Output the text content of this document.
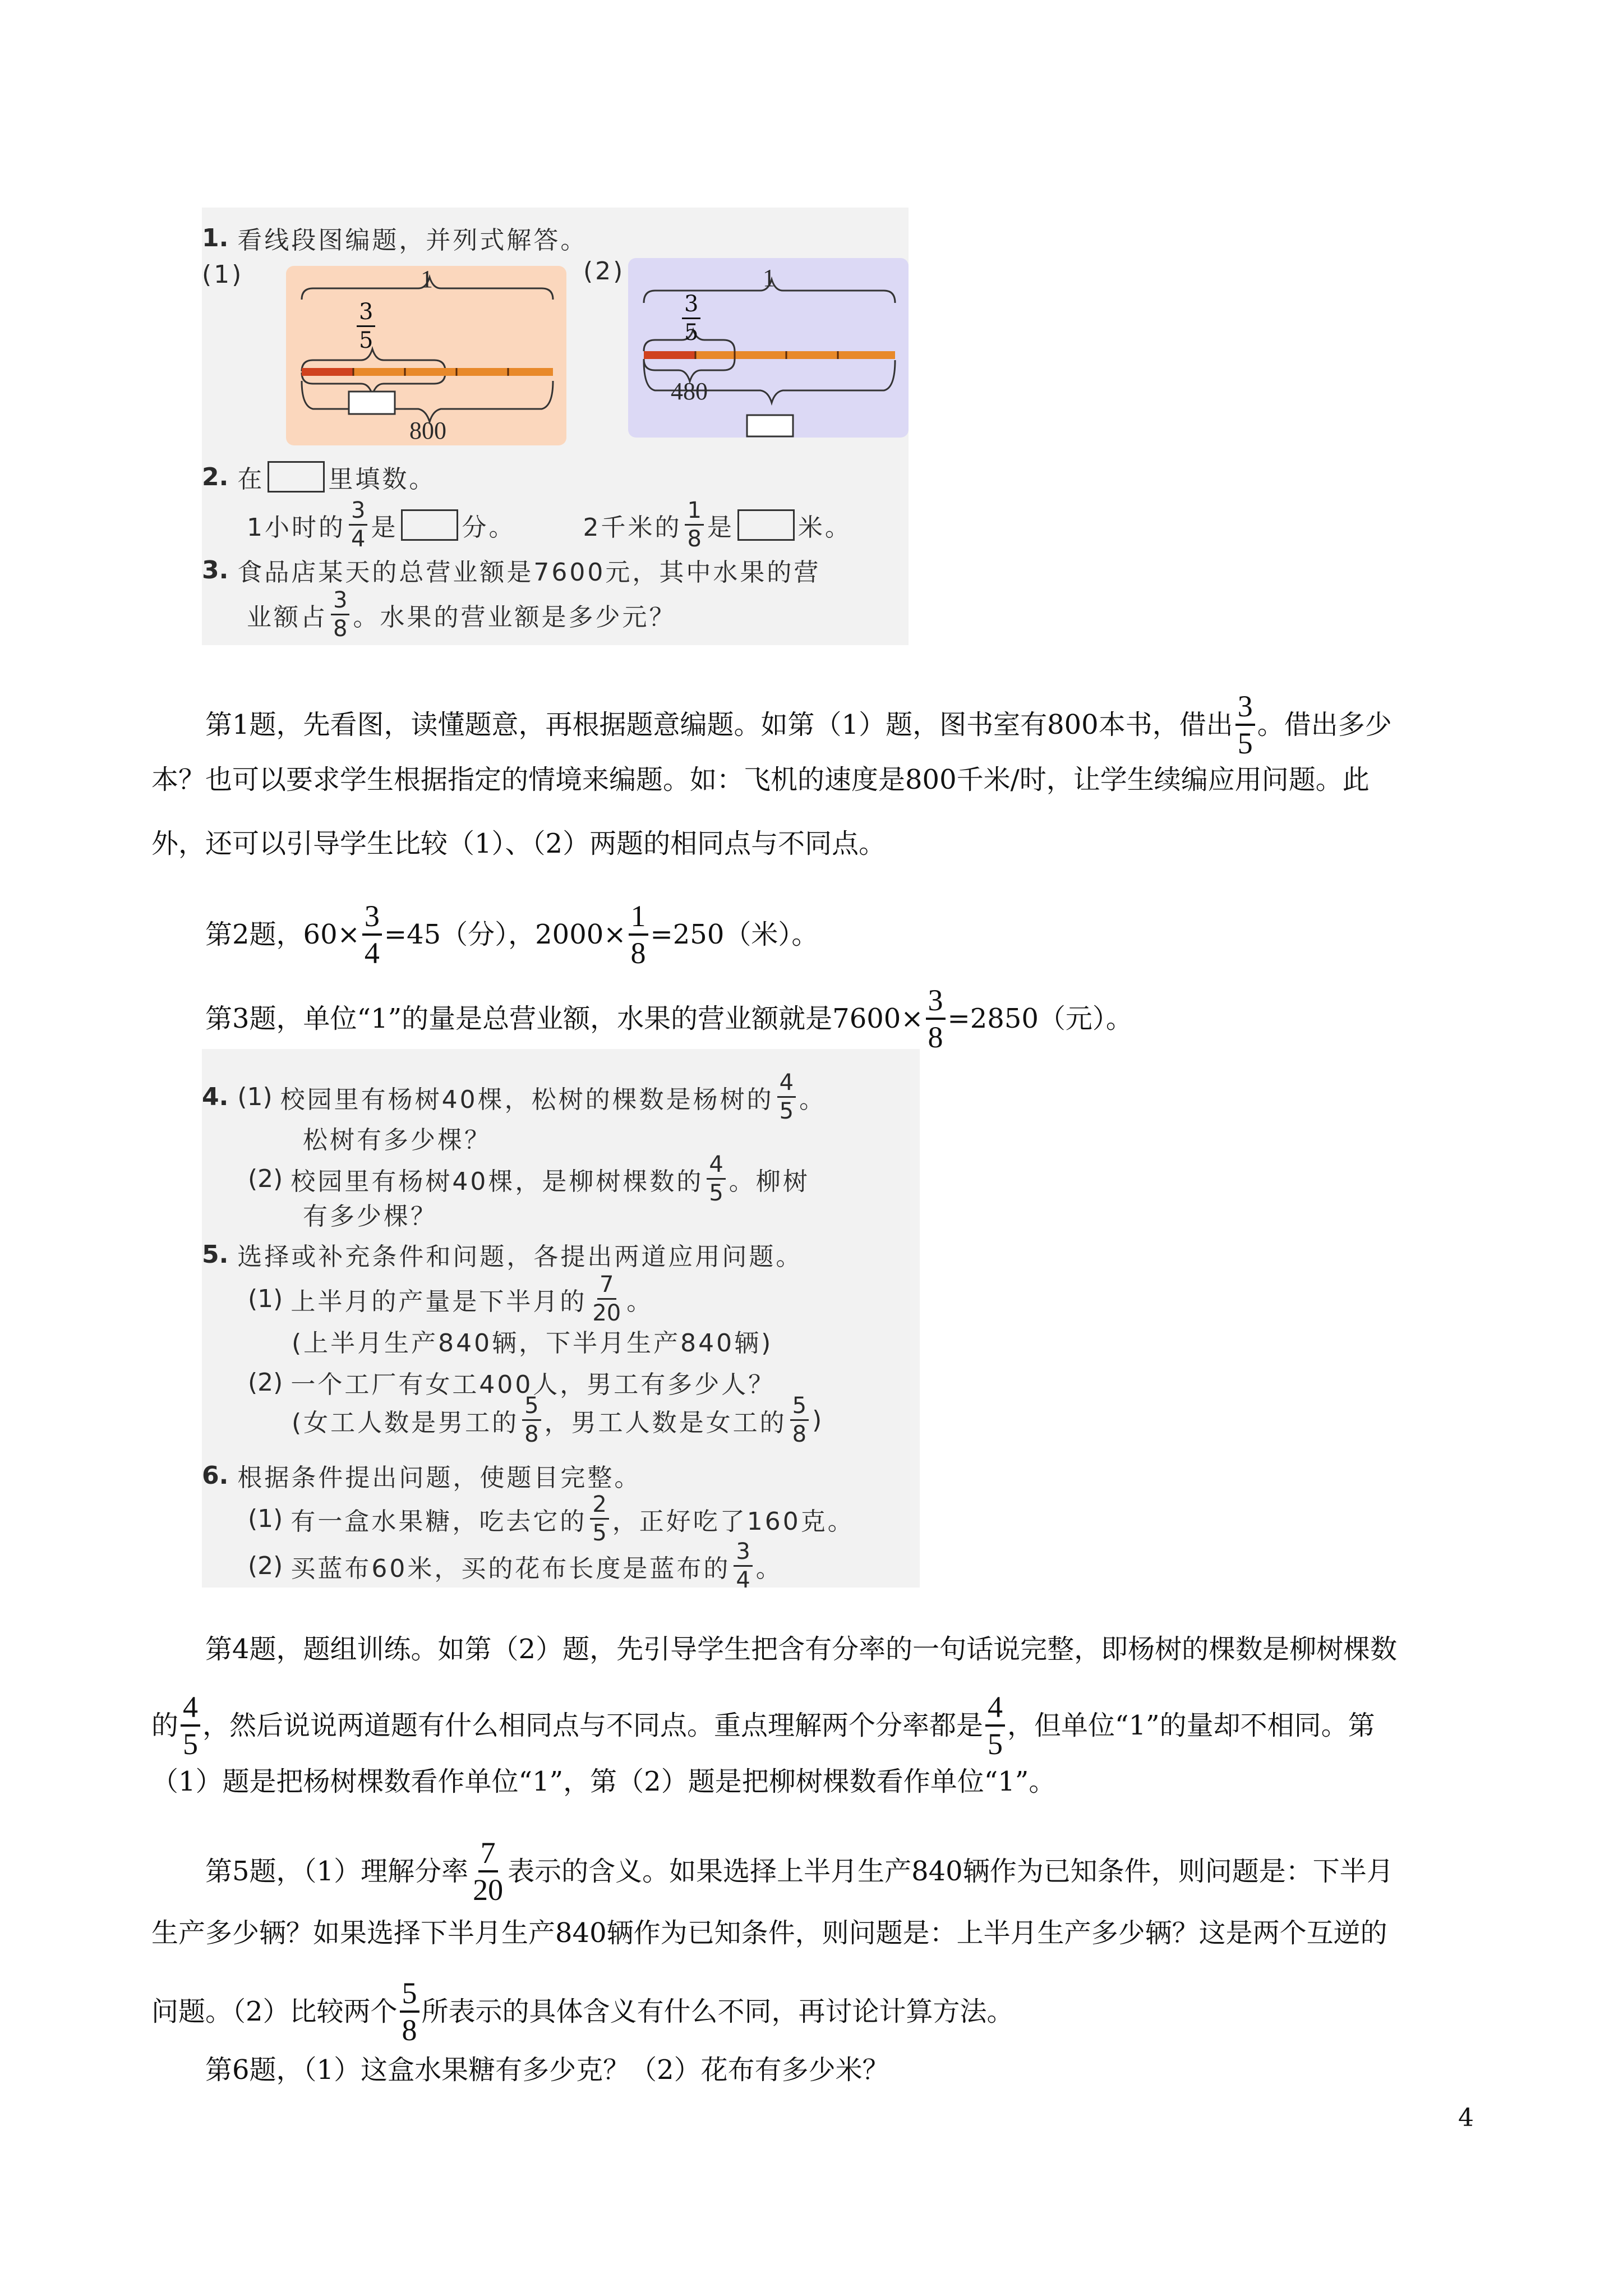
1. 看线段图编题，并列式解答。
(1)	1
3
5
800
(2)	1
3
5
480
2. 在	里填数。
1小时的
3
4 是	分。	2千米的
1
8 是	米。
3. 食品店某天的总营业额是7600元，其中水果的营
业额占
3
8 。水果的营业额是多少元？
第1题，先看图，读懂题意，再根据题意编题。如第（1）题，图书室有800本书，借出
3
5
。借出多少
本？也可以要求学生根据指定的情境来编题。如：飞机的速度是800千米/时，让学生续编应用问题。此
外，还可以引导学生比较（1）、（2）两题的相同点与不同点。
第2题，$60\times \frac{3}{4} =45$（分），$2000\times \frac{1}{8} =250$（米）。
第3题，单位“1”的量是总营业额，水果的营业额就是$7600\times \frac{3}{8} =2850$（元）。
4. (1) 校园里有杨树40棵，松树的棵数是杨树的
4
5 。
松树有多少棵？
(2) 校园里有杨树40棵，是柳树棵数的
4
5 。柳树
有多少棵？
5. 选择或补充条件和问题，各提出两道应用问题。
(1) 上半月的产量是下半月的
7
20 。
(上半月生产840辆，下半月生产840辆)
(2) 一个工厂有女工400人，男工有多少人？
(女工人数是男工的
5
8 ，男工人数是女工的
5
8 )
6. 根据条件提出问题，使题目完整。
(1) 有一盒水果糖，吃去它的
2
5 ，正好吃了160克。
(2) 买蓝布60米，买的花布长度是蓝布的
3
4 。
第4题，题组训练。如第（2）题，先引导学生把含有分率的一句话说完整，即杨树的棵数是柳树棵数
的
4
5
，然后说说两道题有什么相同点与不同点。重点理解两个分率都是
4
5
，但单位“1”的量却不相同。第
（1）题是把杨树棵数看作单位“1”，第（2）题是把柳树棵数看作单位“1”。
第5题，（1）理解分率
7
20
表示的含义。如果选择上半月生产840辆作为已知条件，则问题是：下半月
生产多少辆？如果选择下半月生产840辆作为已知条件，则问题是：上半月生产多少辆？这是两个互逆的
问题。（2）比较两个
5
8
所表示的具体含义有什么不同，再讨论计算方法。
第6题，（1）这盒水果糖有多少克？（2）花布有多少米？
4
